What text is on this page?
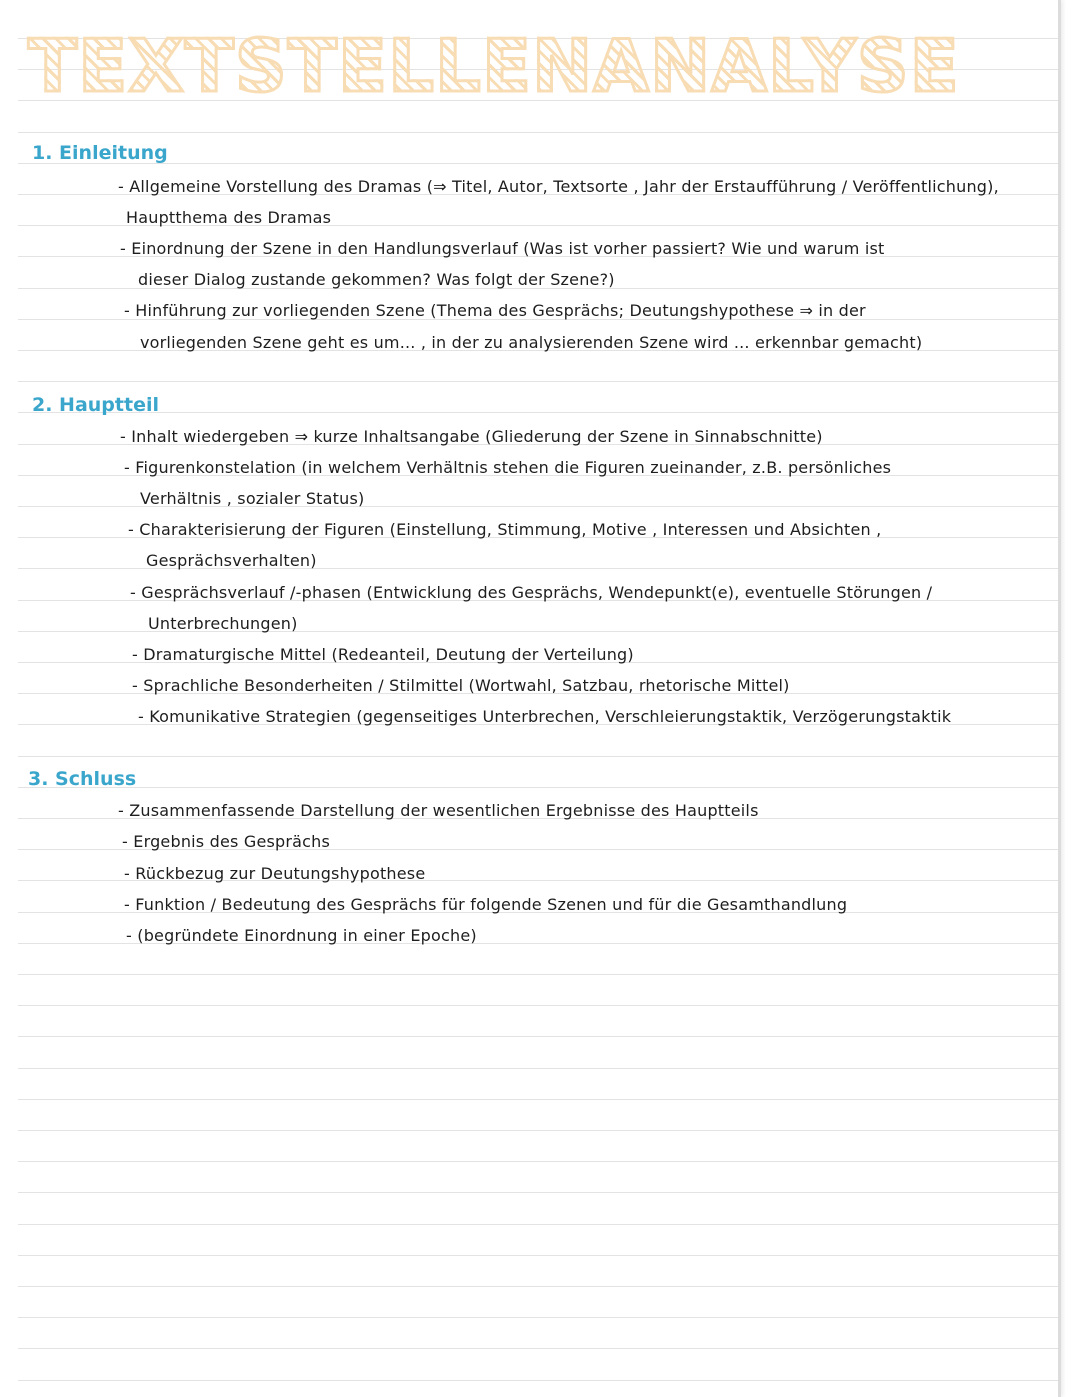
TEXTSTELLENANALYSE
1. Einleitung
- Allgemeine Vorstellung des Dramas (⇒ Titel, Autor, Textsorte , Jahr der Erstaufführung / Veröffentlichung),
Hauptthema des Dramas
- Einordnung der Szene in den Handlungsverlauf (Was ist vorher passiert? Wie und warum ist
dieser Dialog zustande gekommen? Was folgt der Szene?)
- Hinführung zur vorliegenden Szene (Thema des Gesprächs; Deutungshypothese ⇒ in der
vorliegenden Szene geht es um... , in der zu analysierenden Szene wird ... erkennbar gemacht)
2. Hauptteil
- Inhalt wiedergeben ⇒ kurze Inhaltsangabe (Gliederung der Szene in Sinnabschnitte)
- Figurenkonstelation (in welchem Verhältnis stehen die Figuren zueinander, z.B. persönliches
Verhältnis , sozialer Status)
- Charakterisierung der Figuren (Einstellung, Stimmung, Motive , Interessen und Absichten ,
Gesprächsverhalten)
- Gesprächsverlauf /-phasen (Entwicklung des Gesprächs, Wendepunkt(e), eventuelle Störungen /
Unterbrechungen)
- Dramaturgische Mittel (Redeanteil, Deutung der Verteilung)
- Sprachliche Besonderheiten / Stilmittel (Wortwahl, Satzbau, rhetorische Mittel)
- Komunikative Strategien (gegenseitiges Unterbrechen, Verschleierungstaktik, Verzögerungstaktik
3. Schluss
- Zusammenfassende Darstellung der wesentlichen Ergebnisse des Hauptteils
- Ergebnis des Gesprächs
- Rückbezug zur Deutungshypothese
- Funktion / Bedeutung des Gesprächs für folgende Szenen und für die Gesamthandlung
- (begründete Einordnung in einer Epoche)
